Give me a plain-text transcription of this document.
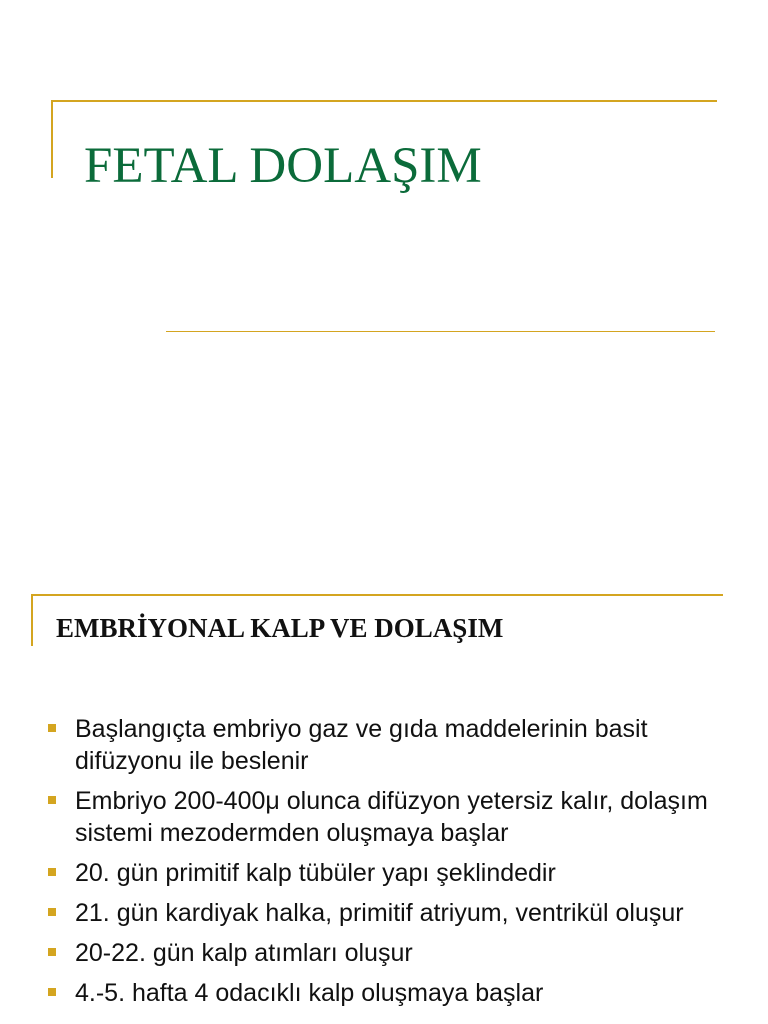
FETAL DOLAŞIM
EMBRİYONAL KALP VE DOLAŞIM
Başlangıçta embriyo gaz ve gıda maddelerinin basit difüzyonu ile beslenir
Embriyo 200-400μ olunca difüzyon yetersiz kalır, dolaşım sistemi mezodermden oluşmaya başlar
20. gün primitif kalp tübüler yapı şeklindedir
21. gün kardiyak halka, primitif atriyum, ventrikül oluşur
20-22. gün kalp atımları oluşur
4.-5. hafta 4 odacıklı kalp oluşmaya başlar
